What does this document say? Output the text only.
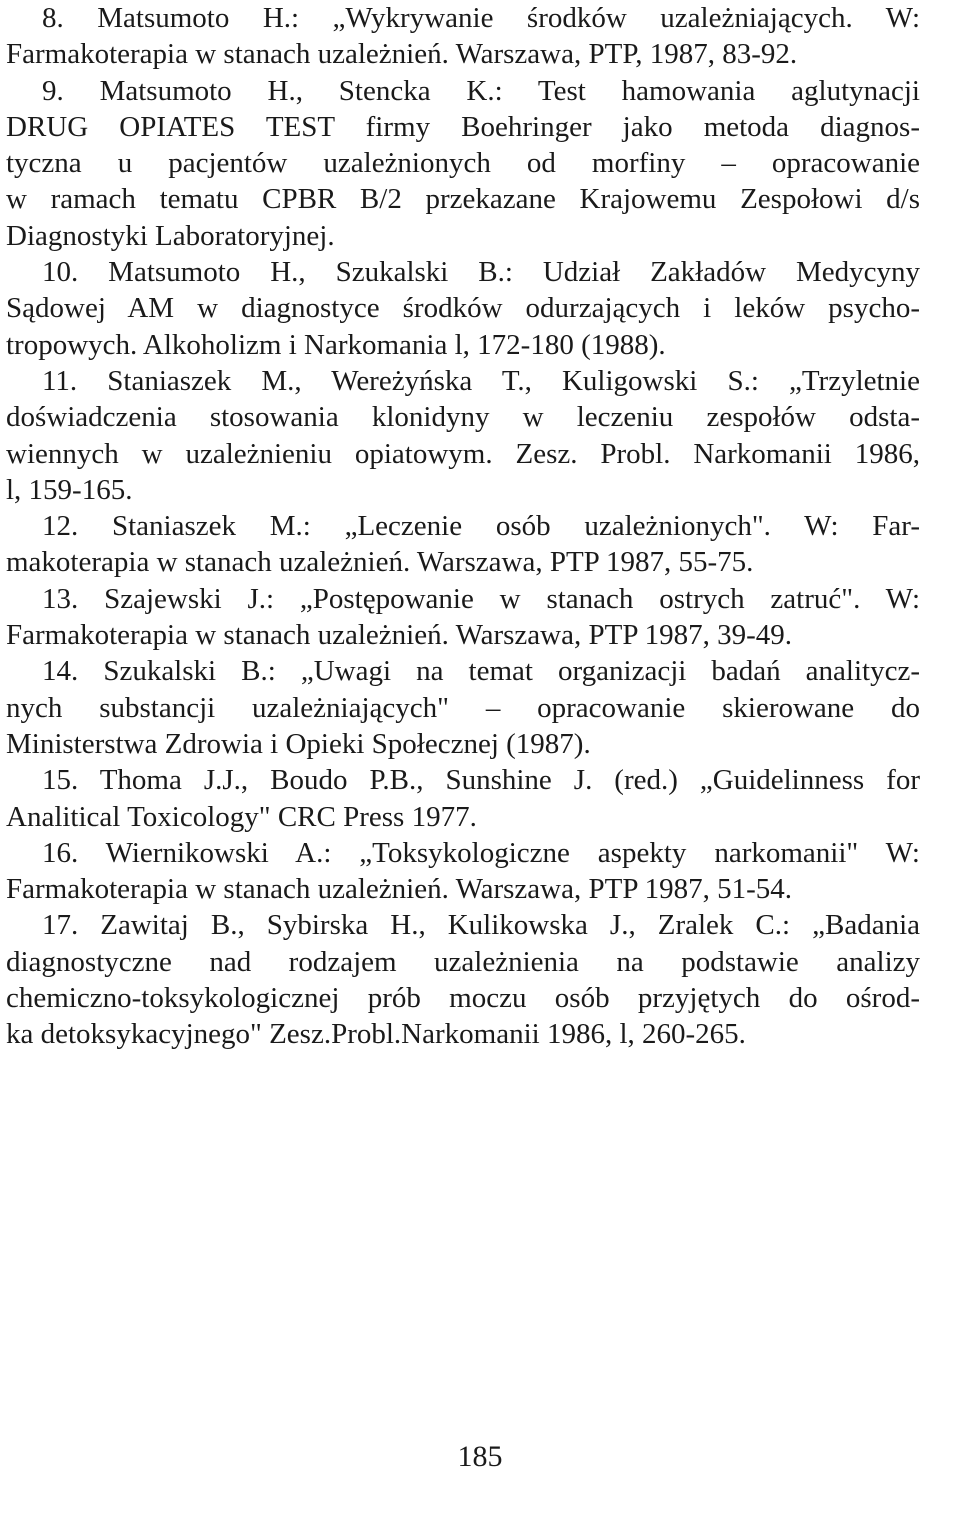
8. Matsumoto H.: „Wykrywanie środków uzależniających. W:
Farmakoterapia w stanach uzależnień. Warszawa, PTP, 1987, 83-92.
9. Matsumoto H., Stencka K.: Test hamowania aglutynacji
DRUG OPIATES TEST firmy Boehringer jako metoda diagnos-
tyczna u pacjentów uzależnionych od morfiny – opracowanie
w ramach tematu CPBR B/2 przekazane Krajowemu Zespołowi d/s
Diagnostyki Laboratoryjnej.
10. Matsumoto H., Szukalski B.: Udział Zakładów Medycyny
Sądowej AM w diagnostyce środków odurzających i leków psycho-
tropowych. Alkoholizm i Narkomania l, 172-180 (1988).
11. Staniaszek M., Wereżyńska T., Kuligowski S.: „Trzyletnie
doświadczenia stosowania klonidyny w leczeniu zespołów odsta-
wiennych w uzależnieniu opiatowym. Zesz. Probl. Narkomanii 1986,
l, 159-165.
12. Staniaszek M.: „Leczenie osób uzależnionych". W: Far-
makoterapia w stanach uzależnień. Warszawa, PTP 1987, 55-75.
13. Szajewski J.: „Postępowanie w stanach ostrych zatruć". W:
Farmakoterapia w stanach uzależnień. Warszawa, PTP 1987, 39-49.
14. Szukalski B.: „Uwagi na temat organizacji badań analitycz-
nych substancji uzależniających" – opracowanie skierowane do
Ministerstwa Zdrowia i Opieki Społecznej (1987).
15. Thoma J.J., Boudo P.B., Sunshine J. (red.) „Guidelinness for
Analitical Toxicology" CRC Press 1977.
16. Wiernikowski A.: „Toksykologiczne aspekty narkomanii" W:
Farmakoterapia w stanach uzależnień. Warszawa, PTP 1987, 51-54.
17. Zawitaj B., Sybirska H., Kulikowska J., Zralek C.: „Badania
diagnostyczne nad rodzajem uzależnienia na podstawie analizy
chemiczno-toksykologicznej prób moczu osób przyjętych do ośrod-
ka detoksykacyjnego" Zesz.Probl.Narkomanii 1986, l, 260-265.
185
